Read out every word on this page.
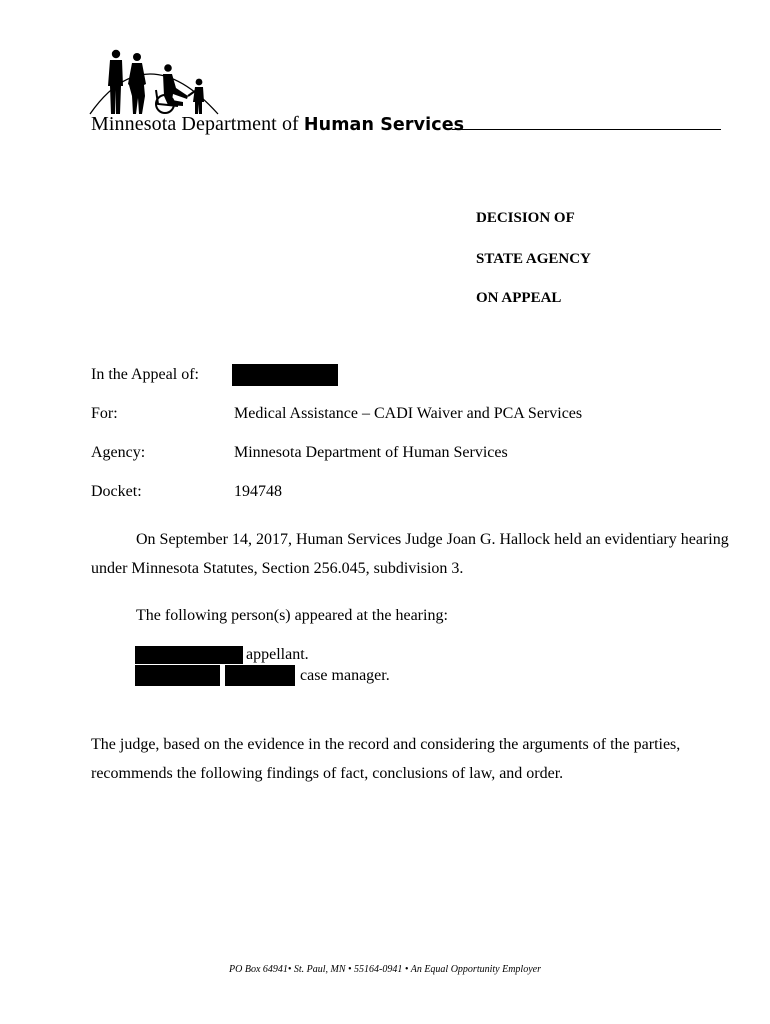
Minnesota Department of Human Services
DECISION OF
STATE AGENCY
ON APPEAL
In the Appeal of:
For:	Medical Assistance – CADI Waiver and PCA Services
Agency:	Minnesota Department of Human Services
Docket:	194748
On September 14, 2017, Human Services Judge Joan G. Hallock held an evidentiary hearing under Minnesota Statutes, Section 256.045, subdivision 3.
The following person(s) appeared at the hearing:
appellant.
case manager.
The judge, based on the evidence in the record and considering the arguments of the parties, recommends the following findings of fact, conclusions of law, and order.
PO Box 64941• St. Paul, MN • 55164-0941 • An Equal Opportunity Employer
